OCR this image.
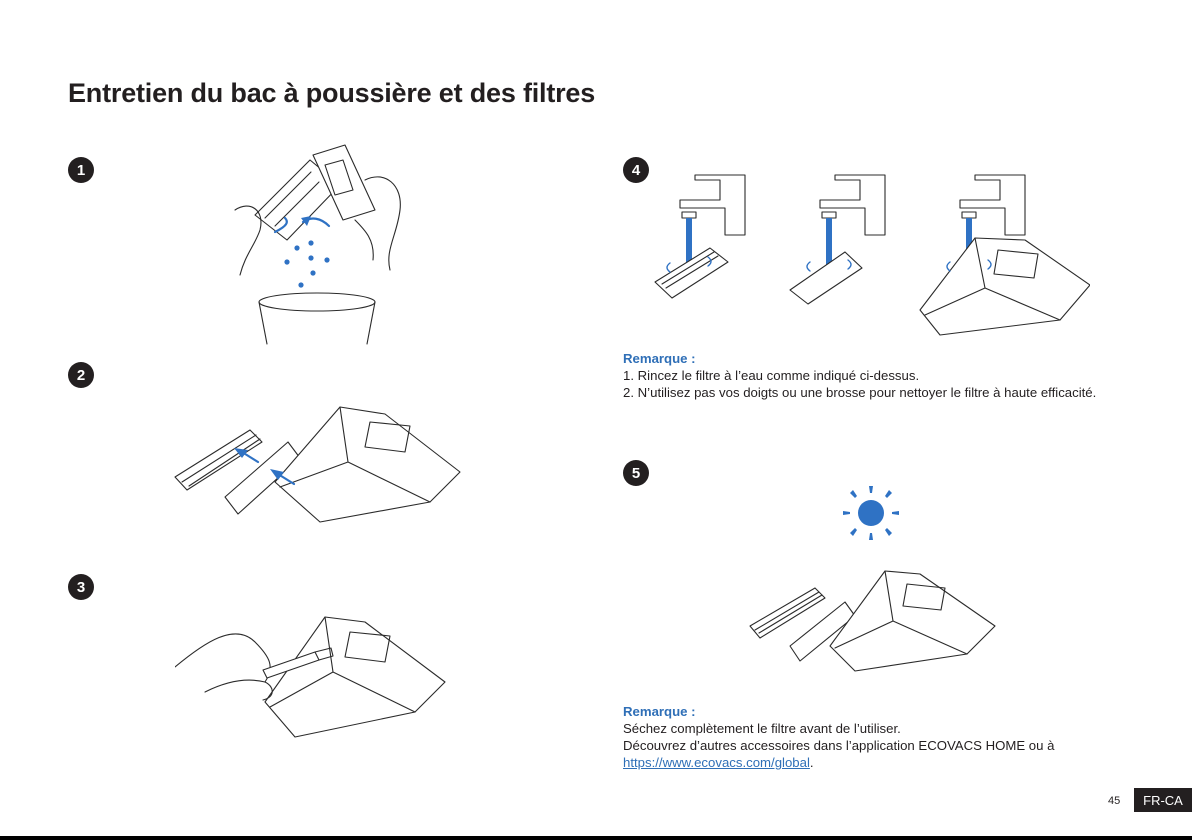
Entretien du bac à poussière et des filtres
1
2
3
4
5
Remarque :
1. Rincez le filtre à l’eau comme indiqué ci-dessus.
2. N’utilisez pas vos doigts ou une brosse pour nettoyer le filtre à haute efficacité.
Remarque :
Séchez complètement le filtre avant de l’utiliser.
Découvrez d’autres accessoires dans l’application ECOVACS HOME ou à
https://www.ecovacs.com/global.
45	FR-CA
